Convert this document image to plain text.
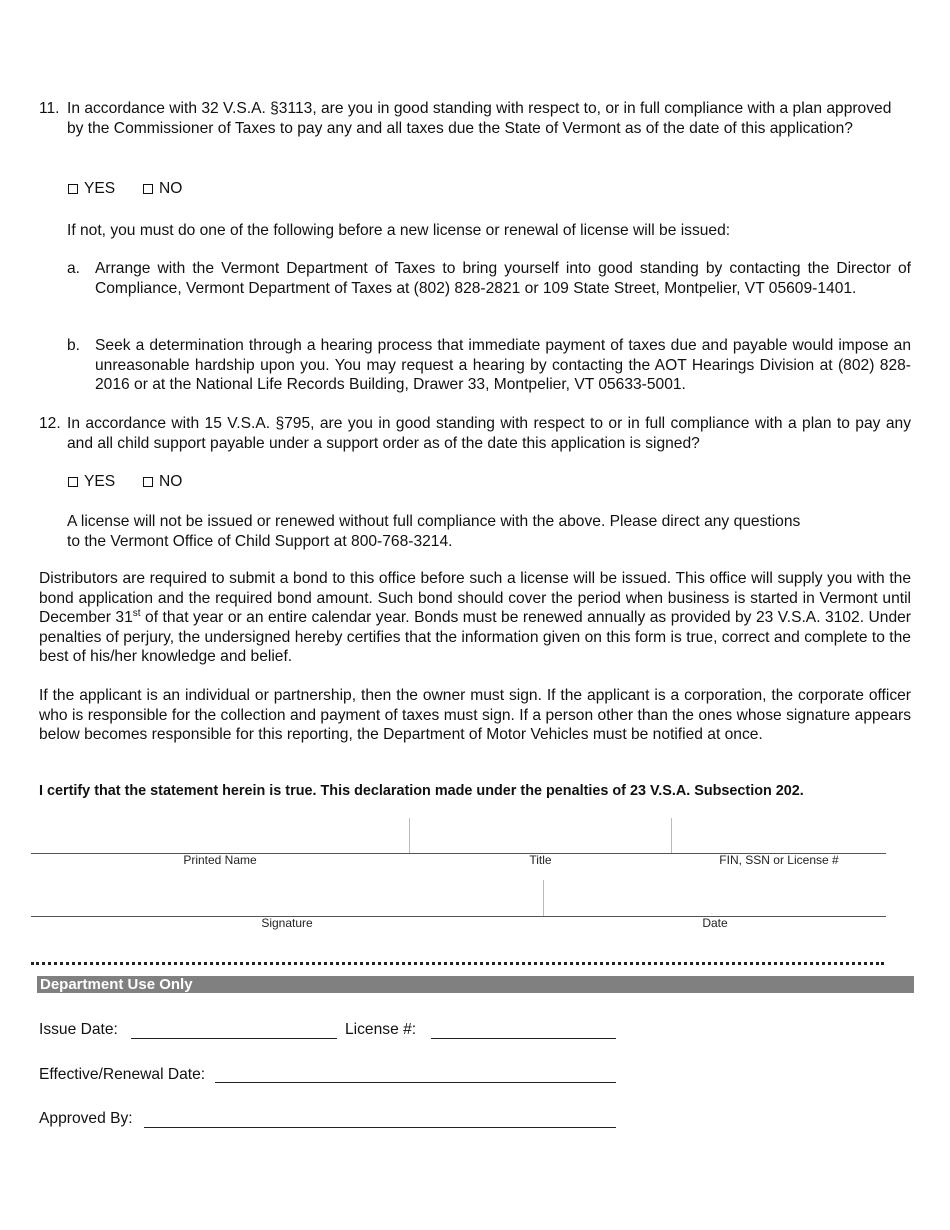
11. In accordance with 32 V.S.A. §3113, are you in good standing with respect to, or in full compliance with a plan approved by the Commissioner of Taxes to pay any and all taxes due the State of Vermont as of the date of this application?
YES	NO
If not, you must do one of the following before a new license or renewal of license will be issued:
a. Arrange with the Vermont Department of Taxes to bring yourself into good standing by contacting the Director of Compliance, Vermont Department of Taxes at (802) 828-2821 or 109 State Street, Montpelier, VT 05609-1401.
b. Seek a determination through a hearing process that immediate payment of taxes due and payable would impose an unreasonable hardship upon you. You may request a hearing by contacting the AOT Hearings Division at (802) 828-2016 or at the National Life Records Building, Drawer 33, Montpelier, VT 05633-5001.
12. In accordance with 15 V.S.A. §795, are you in good standing with respect to or in full compliance with a plan to pay any and all child support payable under a support order as of the date this application is signed?
YES	NO
A license will not be issued or renewed without full compliance with the above. Please direct any questions
to the Vermont Office of Child Support at 800-768-3214.
Distributors are required to submit a bond to this office before such a license will be issued. This office will supply you with the bond application and the required bond amount. Such bond should cover the period when business is started in Vermont until December 31st of that year or an entire calendar year. Bonds must be renewed annually as provided by 23 V.S.A. 3102. Under penalties of perjury, the undersigned hereby certifies that the information given on this form is true, correct and complete to the best of his/her knowledge and belief.
If the applicant is an individual or partnership, then the owner must sign. If the applicant is a corporation, the corporate officer who is responsible for the collection and payment of taxes must sign. If a person other than the ones whose signature appears below becomes responsible for this reporting, the Department of Motor Vehicles must be notified at once.
I certify that the statement herein is true. This declaration made under the penalties of 23 V.S.A. Subsection 202.
Printed Name	Title	FIN, SSN or License #
Signature	Date
Department Use Only
Issue Date:	License #:
Effective/Renewal Date:
Approved By:
